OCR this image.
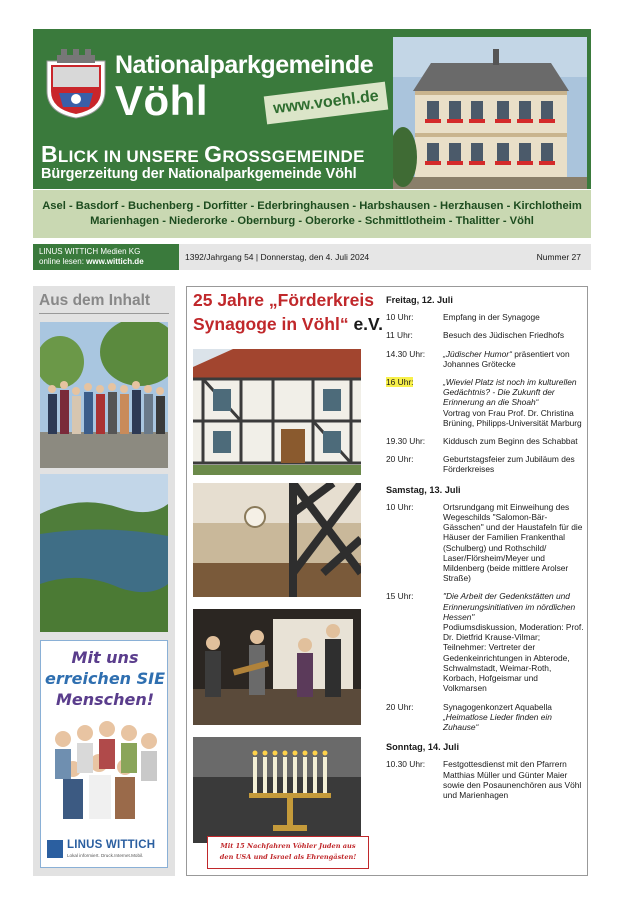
Nationalparkgemeinde
Vöhl	www.voehl.de
BLICK IN UNSERE GROSSGEMEINDE
Bürgerzeitung der Nationalparkgemeinde Vöhl
Asel - Basdorf - Buchenberg - Dorfitter - Ederbringhausen - Harbshausen - Herzhausen - Kirchlotheim
Marienhagen - Niederorke - Obernburg - Oberorke - Schmittlotheim - Thalitter - Vöhl
LINUS WITTICH Medien KG
online lesen: www.wittich.de	1392/Jahrgang 54 | Donnerstag, den 4. Juli 2024	Nummer 27
Aus dem Inhalt
Mit uns
erreichen SIE
Menschen!
LINUS WITTICH
Lokal informiert. Druck.Internet.Mobil.
25 Jahre „Förderkreis
Synagoge in Vöhl“ e.V.
Mit 15 Nachfahren Vöhler Juden aus
den USA und Israel als Ehrengästen!
Freitag, 12. Juli
10 Uhr:	Empfang in der Synagoge
11 Uhr:	Besuch des Jüdischen Friedhofs
14.30 Uhr:	„Jüdischer Humor“ präsentiert von Johannes Grötecke
16 Uhr:	„Wieviel Platz ist noch im kulturellen Gedächtnis? - Die Zukunft der Erinnerung an die Shoah“
Vortrag von Frau Prof. Dr. Christina Brüning, Philipps-Universität Marburg
19.30 Uhr:	Kiddusch zum Beginn des Schabbat
20 Uhr:	Geburtstagsfeier zum Jubiläum des Förderkreises
Samstag, 13. Juli
10 Uhr:	Ortsrundgang mit Einweihung des Wegeschilds "Salomon-Bär-Gässchen" und der Haustafeln für die Häuser der Familien Frankenthal (Schulberg) und Rothschild/ Laser/Flörsheim/Meyer und Mildenberg (beide mittlere Arolser Straße)
15 Uhr:	"Die Arbeit der Gedenkstätten und Erinnerungsinitiativen im nördlichen Hessen"
Podiumsdiskussion, Moderation: Prof. Dr. Dietfrid Krause-Vilmar; Teilnehmer: Vertreter der Gedenkeinrichtungen in Abterode, Schwalmstadt, Weimar-Roth, Korbach, Hofgeismar und Volkmarsen
20 Uhr:	Synagogenkonzert Aquabella
„Heimatlose Lieder finden ein Zuhause“
Sonntag, 14. Juli
10.30 Uhr:	Festgottesdienst mit den Pfarrern Matthias Müller und Günter Maier sowie den Posaunenchören aus Vöhl und Marienhagen
